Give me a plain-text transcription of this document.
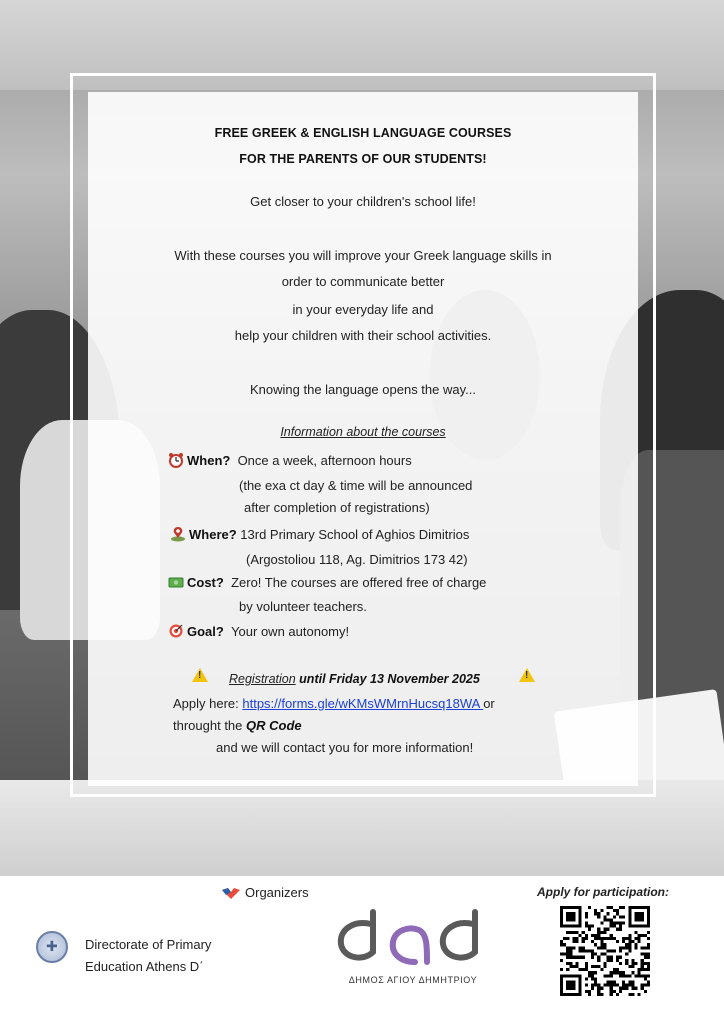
FREE GREEK & ENGLISH LANGUAGE COURSES
FOR THE PARENTS OF OUR STUDENTS!
Get closer to your children's school life!
With these courses you will improve your Greek language skills in
order to communicate better
in your everyday life and
help your children with their school activities.
Knowing the language opens the way...
Information about the courses
When? Once a week, afternoon hours
(the exa ct day & time will be announced
after completion of registrations)
Where? 13rd Primary School of Aghios Dimitrios
(Argostoliou 118, Ag. Dimitrios 173 42)
Cost? Zero! The courses are offered free of charge
by volunteer teachers.
Goal? Your own autonomy!
!
Registration until Friday 13 November 2025
!
Apply here: https://forms.gle/wKMsWMrnHucsq18WA or
throught the QR Code
and we will contact you for more information!
Organizers
✚
Directorate of Primary
Education Athens D΄
ΔΗΜΟΣ ΑΓΙΟΥ ΔΗΜΗΤΡΙΟΥ
Apply for participation:
